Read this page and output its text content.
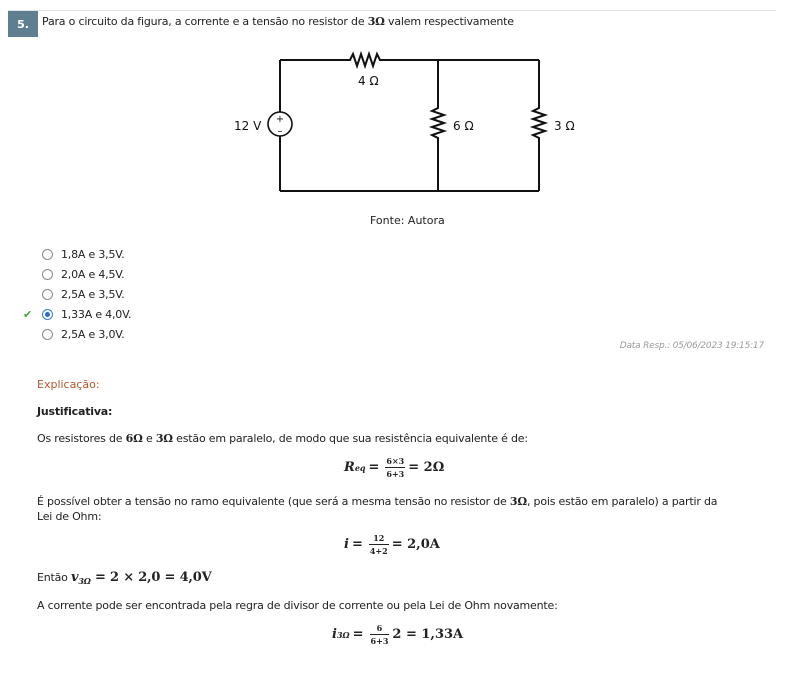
5.	Para o circuito da figura, a corrente e a tensão no resistor de 3Ω valem respectivamente
+
–
12 V
4 Ω
6 Ω	3 Ω
Fonte: Autora
1,8A e 3,5V.
2,0A e 4,5V.
2,5A e 3,5V.
✔	1,33A e 4,0V.
2,5A e 3,0V.
Data Resp.: 05/06/2023 19:15:17
Explicação:
Justificativa:
Os resistores de 6Ω e 3Ω estão em paralelo, de modo que sua resistência equivalente é de:
R eq = $\frac{6\times 3}{6+3} = 2\Omega$
É possível obter a tensão no ramo equivalente (que será a mesma tensão no resistor de 3Ω, pois estão em paralelo) a partir da Lei de Ohm:
$i = \frac{12}{4+2} = 2,0A$
Então $v_{3\Omega} = 2 \times 2,0 = 4,0V$
A corrente pode ser encontrada pela regra de divisor de corrente ou pela Lei de Ohm novamente:
i $3\Omega = \frac{6}{6+3} 2 = 1,33A$
